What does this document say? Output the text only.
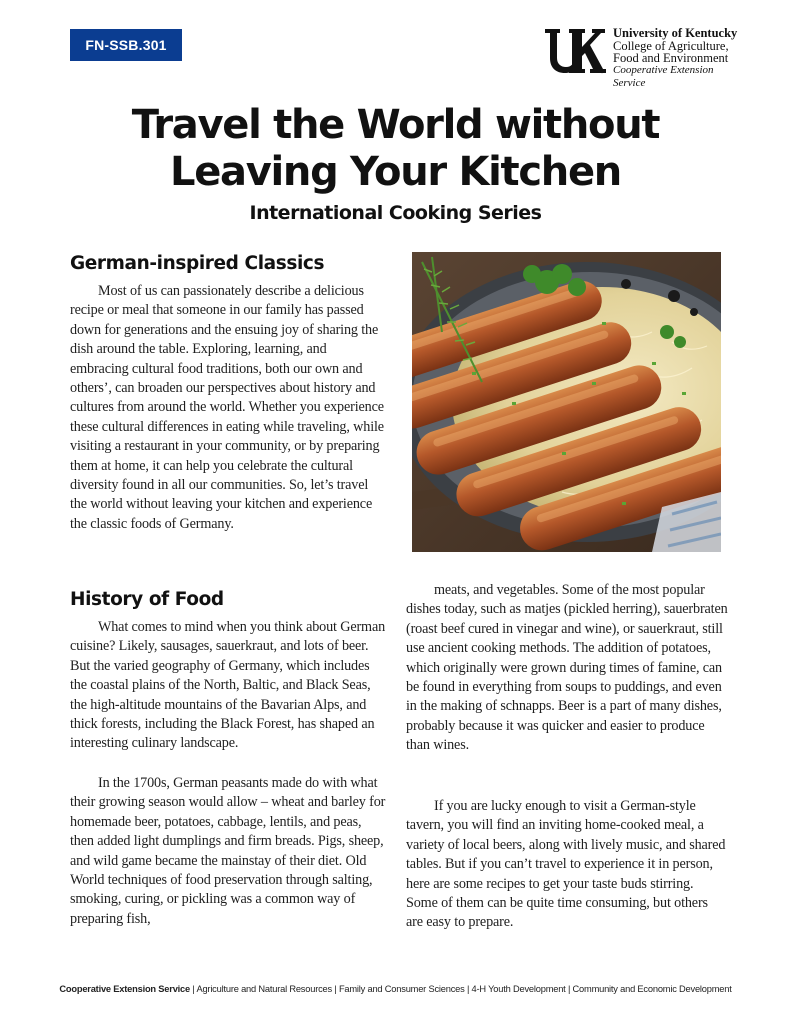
FN-SSB.301
University of Kentucky
College of Agriculture,
Food and Environment
Cooperative Extension Service
Travel the World without
Leaving Your Kitchen
International Cooking Series
German-inspired Classics

Most of us can passionately describe a delicious recipe or meal that someone in our family has passed down for generations and the ensuing joy of sharing the dish around the table. Exploring, learning, and embracing cultural food traditions, both our own and others’, can broaden our perspectives about history and cultures from around the world. Whether you experience these cultural differences in eating while traveling, while visiting a restaurant in your community, or by preparing them at home, it can help you celebrate the cultural diversity found in all our communities. So, let’s travel the world without leaving your kitchen and experience the classic foods of Germany.

History of Food

What comes to mind when you think about German cuisine? Likely, sausages, sauerkraut, and lots of beer. But the varied geography of Germany, which includes the coastal plains of the North, Baltic, and Black Seas, the high-altitude mountains of the Bavarian Alps, and thick forests, including the Black Forest, has shaped an interesting culinary landscape.

In the 1700s, German peasants made do with what their growing season would allow – wheat and barley for homemade beer, potatoes, cabbage, lentils, and peas, then added light dumplings and firm breads. Pigs, sheep, and wild game became the mainstay of their diet. Old World techniques of food preservation through salting, smoking, curing, or pickling was a common way of preparing fish,

meats, and vegetables. Some of the most popular dishes today, such as matjes (pickled herring), sauerbraten (roast beef cured in vinegar and wine), or sauerkraut, still use ancient cooking methods. The addition of potatoes, which originally were grown during times of famine, can be found in everything from soups to puddings, and even in the making of schnapps. Beer is a part of many dishes, probably because it was quicker and easier to produce than wines.

If you are lucky enough to visit a German-style tavern, you will find an inviting home-cooked meal, a variety of local beers, along with lively music, and shared tables. But if you can’t travel to experience it in person, here are some recipes to get your taste buds stirring. Some of them can be quite time consuming, but others are easy to prepare.

Cooperative Extension Service | Agriculture and Natural Resources | Family and Consumer Sciences | 4-H Youth Development | Community and Economic Development
